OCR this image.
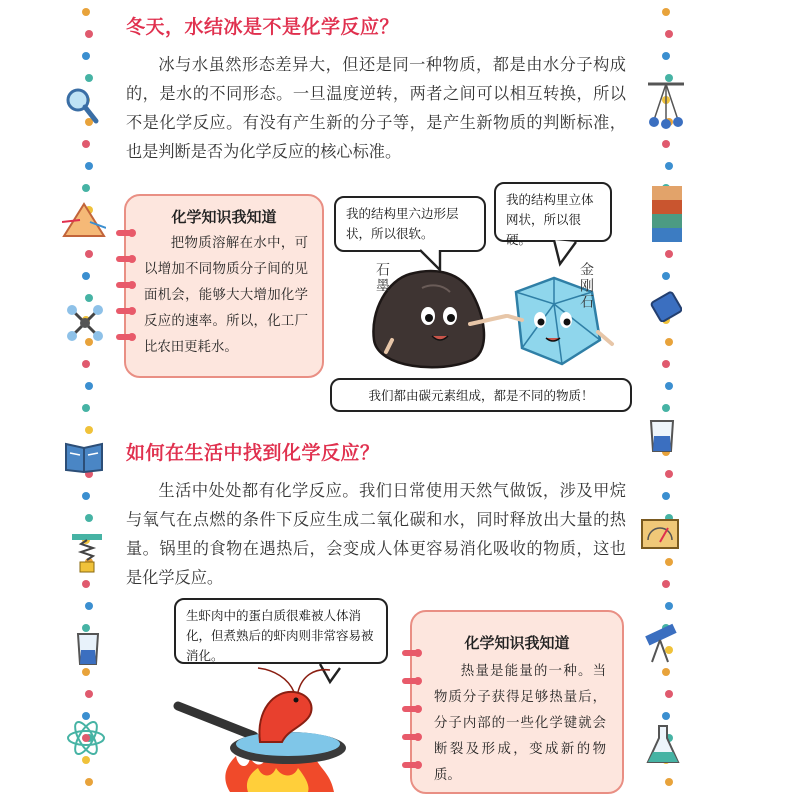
冬天，水结冰是不是化学反应？
冰与水虽然形态差异大，但还是同一种物质，都是由水分子构成的，是水的不同形态。一旦温度逆转，两者之间可以相互转换，所以不是化学反应。有没有产生新的分子等，是产生新物质的判断标准，也是判断是否为化学反应的核心标准。
化学知识我知道
把物质溶解在水中，可以增加不同物质分子间的见面机会，能够大大增加化学反应的速率。所以，化工厂比农田更耗水。
我的结构里六边形层状，所以很软。
我的结构里立体网状，所以很硬。
石墨	金刚石
我们都由碳元素组成，都是不同的物质！
如何在生活中找到化学反应？
生活中处处都有化学反应。我们日常使用天然气做饭，涉及甲烷与氧气在点燃的条件下反应生成二氧化碳和水，同时释放出大量的热量。锅里的食物在遇热后，会变成人体更容易消化吸收的物质，这也是化学反应。
生虾肉中的蛋白质很难被人体消化，但煮熟后的虾肉则非常容易被消化。
化学知识我知道
热量是能量的一种。当物质分子获得足够热量后，分子内部的一些化学键就会断裂及形成，变成新的物质。
